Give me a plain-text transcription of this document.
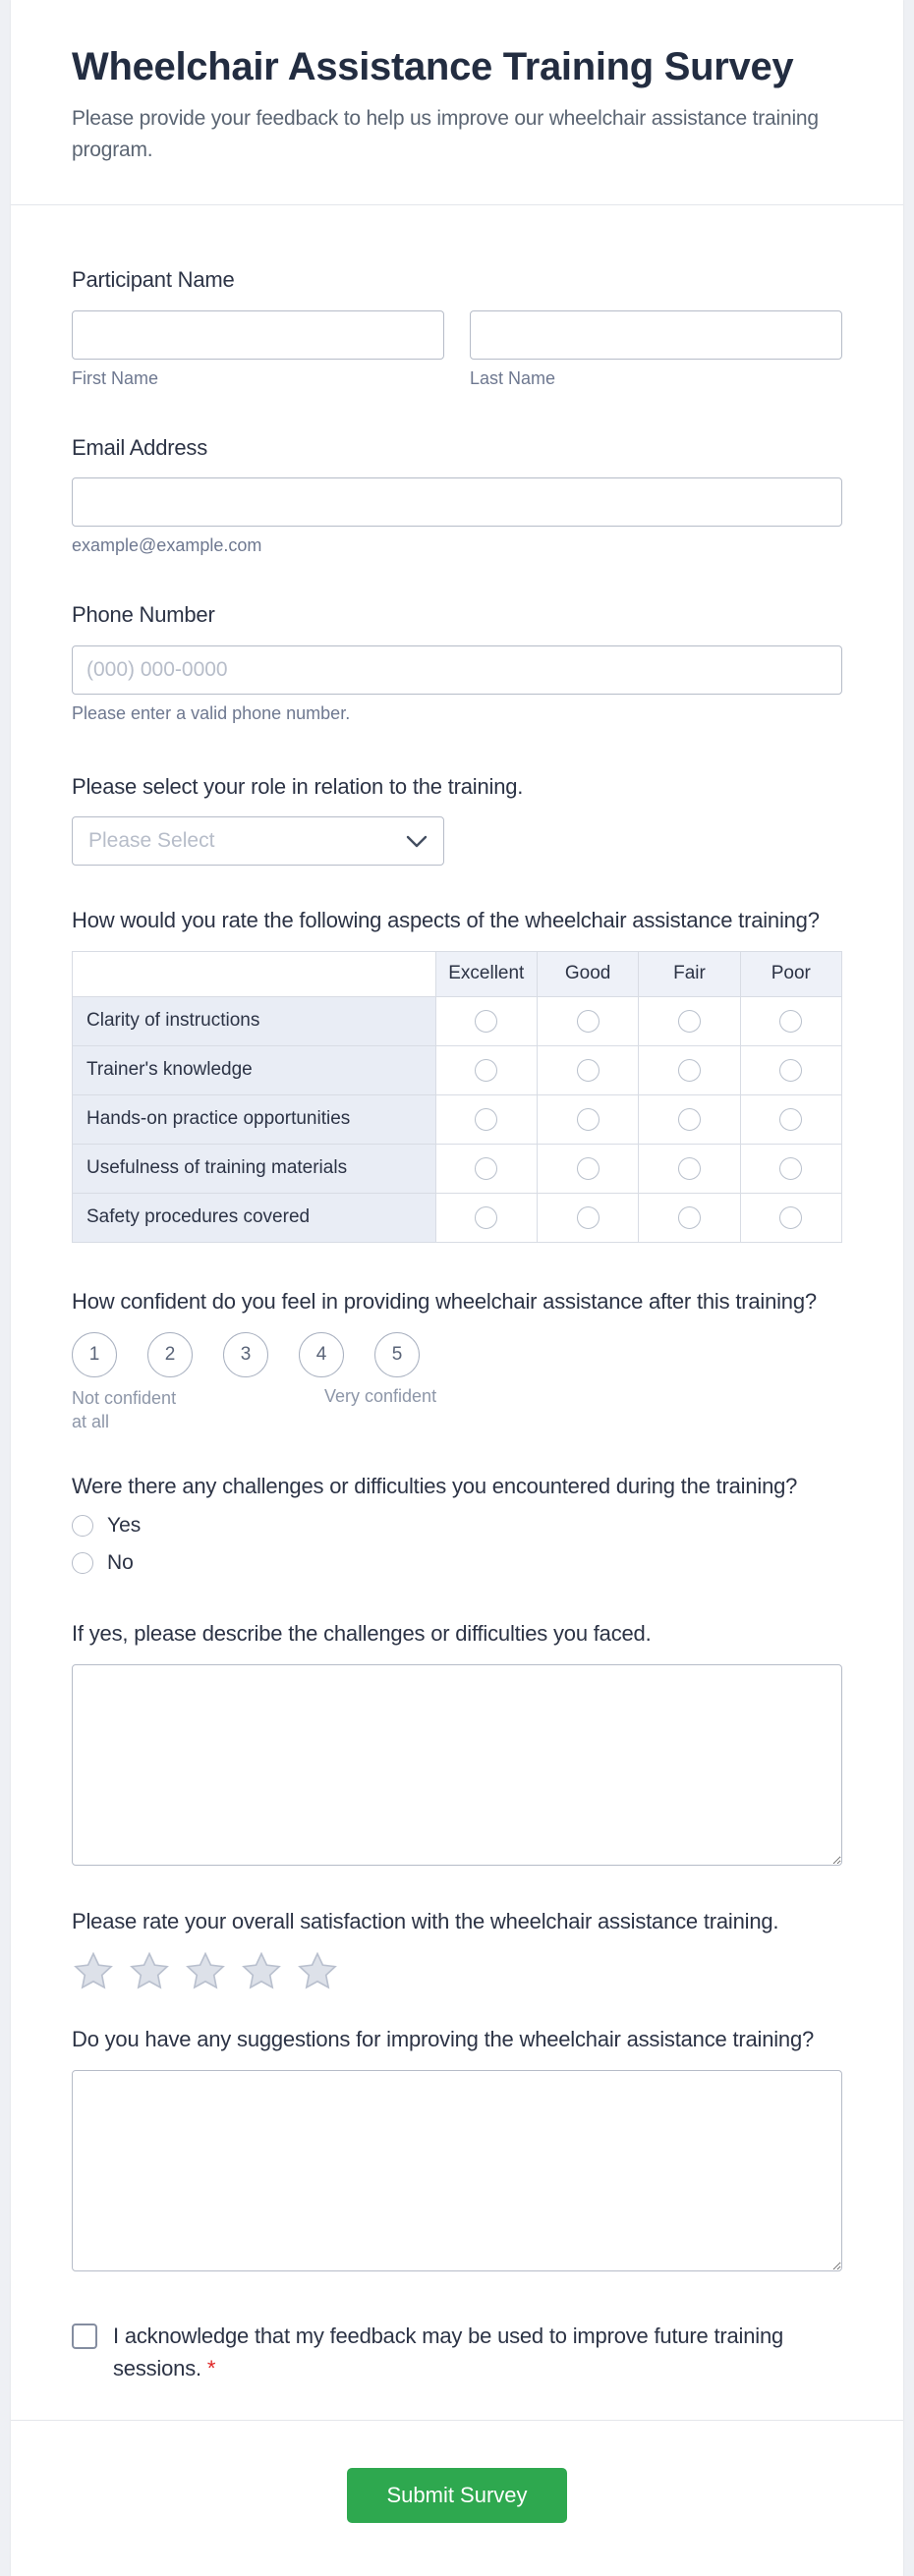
Wheelchair Assistance Training Survey

Please provide your feedback to help us improve our wheelchair assistance training program.

Participant Name
First Name	Last Name
Email Address
example@example.com
Phone Number
(000) 000-0000
Please enter a valid phone number.
Please select your role in relation to the training.
Please Select
How would you rate the following aspects of the wheelchair assistance training?
	Excellent	Good	Fair	Poor
Clarity of instructions				
Trainer's knowledge				
Hands-on practice opportunities				
Usefulness of training materials				
Safety procedures covered				
How confident do you feel in providing wheelchair assistance after this training?
1	2	3	4	5
Not confident at all
Very confident
Were there any challenges or difficulties you encountered during the training?
Yes
No
If yes, please describe the challenges or difficulties you faced.
Please rate your overall satisfaction with the wheelchair assistance training.
Do you have any suggestions for improving the wheelchair assistance training?
I acknowledge that my feedback may be used to improve future training sessions. *
Submit Survey
